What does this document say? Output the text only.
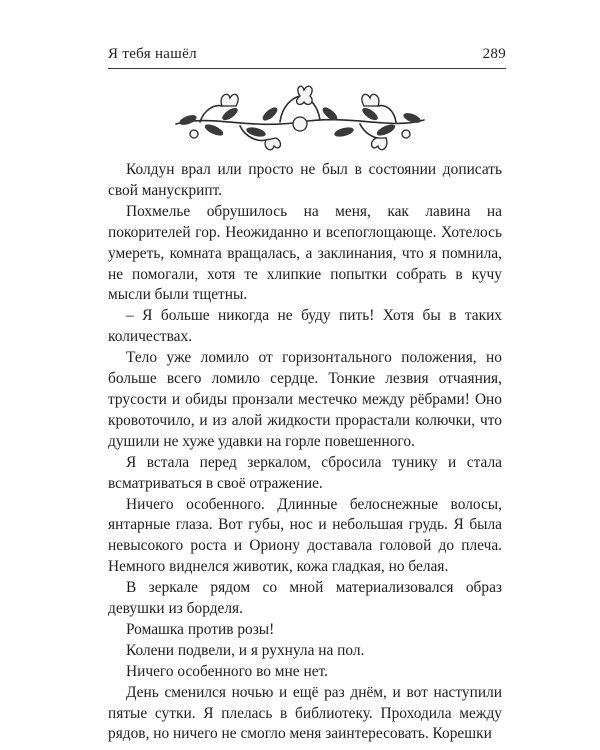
Я тебя нашёл	289

Колдун врал или просто не был в состоянии дописать свой манускрипт.

Похмелье обрушилось на меня, как лавина на покорителей гор. Неожиданно и всепоглощающе. Хотелось умереть, комната вращалась, а заклинания, что я помнила, не помогали, хотя те хлипкие попытки собрать в кучу мысли были тщетны.

– Я больше никогда не буду пить! Хотя бы в таких количествах.

Тело уже ломило от горизонтального положения, но больше всего ломило сердце. Тонкие лезвия отчаяния, трусости и обиды пронзали местечко между рёбрами! Оно кровоточило, и из алой жидкости прорастали колючки, что душили не хуже удавки на горле повешенного.

Я встала перед зеркалом, сбросила тунику и стала всматриваться в своё отражение.

Ничего особенного. Длинные белоснежные волосы, янтарные глаза. Вот губы, нос и небольшая грудь. Я была невысокого роста и Ориону доставала головой до плеча. Немного виднелся животик, кожа гладкая, но белая.

В зеркале рядом со мной материализовался образ девушки из борделя.

Ромашка против розы!

Колени подвели, и я рухнула на пол.

Ничего особенного во мне нет.

День сменился ночью и ещё раз днём, и вот наступили пятые сутки. Я плелась в библиотеку. Проходила между рядов, но ничего не смогло меня заинтересовать. Корешки
